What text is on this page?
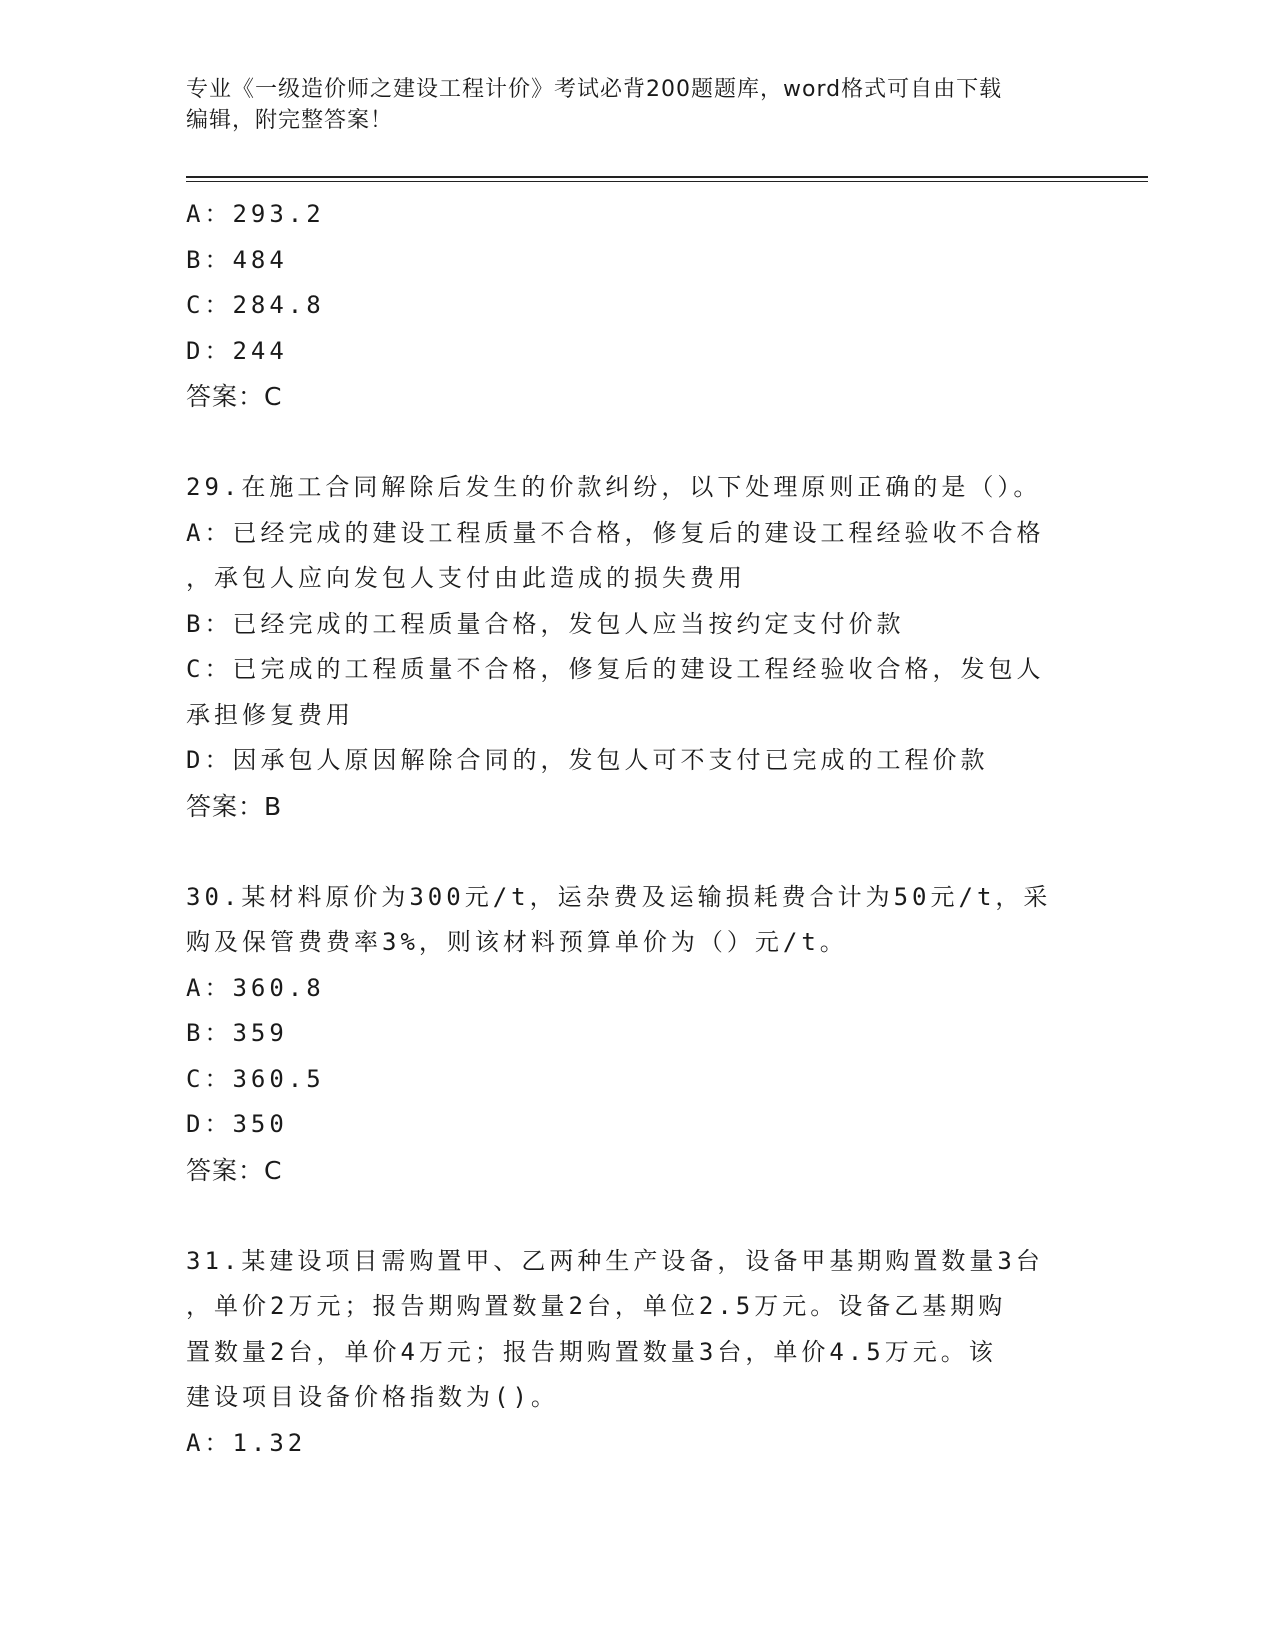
专业《一级造价师之建设工程计价》考试必背200题题库，word格式可自由下载
编辑，附完整答案！
A：293.2
B：484
C：284.8
D：244
答案：C
29.在施工合同解除后发生的价款纠纷，以下处理原则正确的是（）。
A：已经完成的建设工程质量不合格，修复后的建设工程经验收不合格
，承包人应向发包人支付由此造成的损失费用
B：已经完成的工程质量合格，发包人应当按约定支付价款
C：已完成的工程质量不合格，修复后的建设工程经验收合格，发包人
承担修复费用
D：因承包人原因解除合同的，发包人可不支付已完成的工程价款
答案：B
30.某材料原价为300元/t，运杂费及运输损耗费合计为50元/t，采
购及保管费费率3%，则该材料预算单价为（）元/t。
A：360.8
B：359
C：360.5
D：350
答案：C
31.某建设项目需购置甲、乙两种生产设备，设备甲基期购置数量3台
，单价2万元；报告期购置数量2台，单位2.5万元。设备乙基期购
置数量2台，单价4万元；报告期购置数量3台，单价4.5万元。该
建设项目设备价格指数为()。
A：1.32
